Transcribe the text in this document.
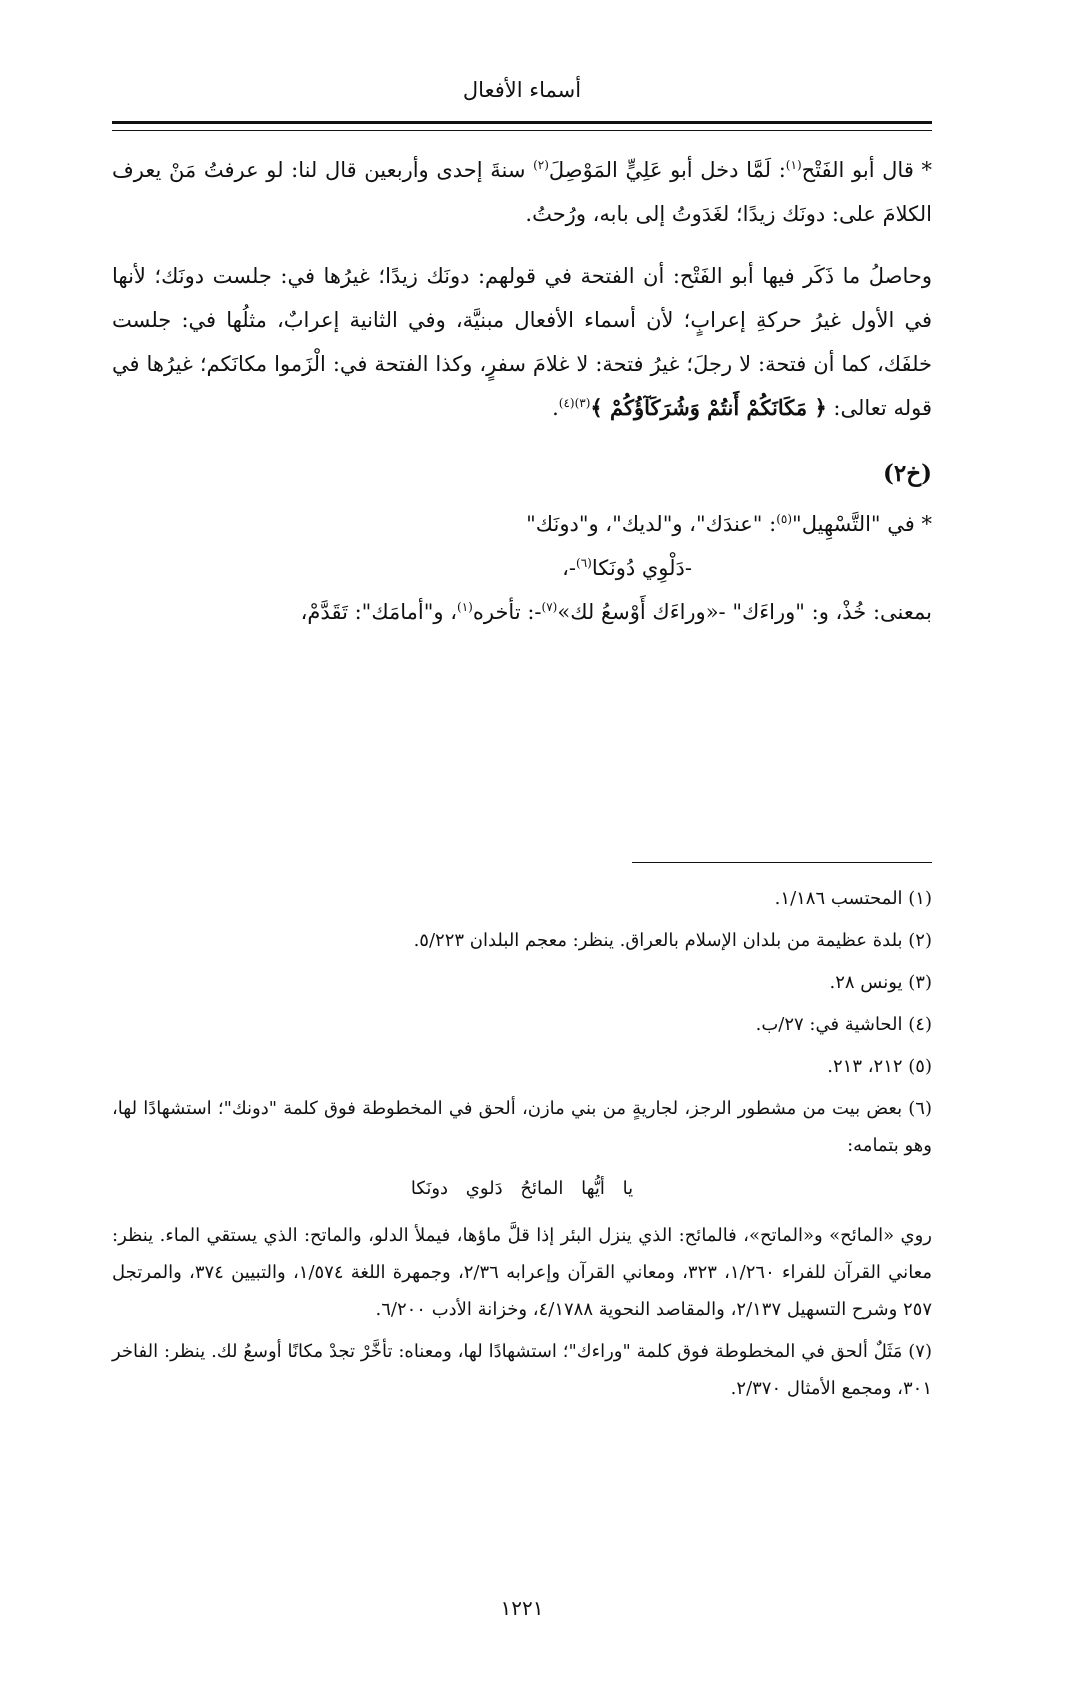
أسماء الأفعال

* قال أبو الفَتْح$^{(١)}$: لَمَّا دخل أبو عَلِيٍّ المَوْصِلَ$^{(٢)}$ سنةَ إحدى وأربعين قال لنا: لو عرفتُ مَنْ يعرف الكلامَ على: دونَك زيدًا؛ لغَدَوتُ إلى بابه، ورُحتُ.

وحاصلُ ما ذَكَر فيها أبو الفَتْح: أن الفتحة في قولهم: دونَك زيدًا؛ غيرُها في: جلست دونَك؛ لأنها في الأول غيرُ حركةِ إعرابٍ؛ لأن أسماء الأفعال مبنيَّة، وفي الثانية إعرابٌ، مثلُها في: جلست خلفَك، كما أن فتحة: لا رجلَ؛ غيرُ فتحة: لا غلامَ سفرٍ، وكذا الفتحة في: الْزَموا مكانَكم؛ غيرُها في قوله تعالى: ﴿ مَكَانَكُمْ أَنتُمْ وَشُرَكَآؤُكُمْ ﴾$^{(٣)(٤)}$.

(خ٢)

* في "التَّسْهِيل"$^{(٥)}$: "عندَك"، و"لديك"، و"دونَك"

-دَلْوِي دُونَكا$^{(٦)}$-،

بمعنى: خُذْ، و: "وراءَك" -«وراءَك أَوْسعُ لك»$^{(٧)}$-: تأخره$^{(١)}$، و"أمامَك": تَقَدَّمْ،

(١) المحتسب ١/١٨٦.

(٢) بلدة عظيمة من بلدان الإسلام بالعراق. ينظر: معجم البلدان ٥/٢٢٣.

(٣) يونس ٢٨.

(٤) الحاشية في: ٢٧/ب.

(٥) ٢١٢، ٢١٣.

(٦) بعض بيت من مشطور الرجز، لجاريةٍ من بني مازن، ألحق في المخطوطة فوق كلمة "دونك"؛ استشهادًا لها، وهو بتمامه:

يا أيُّها المائحُ دَلوي دونَكا

روي «المائح» و«الماتح»، فالمائح: الذي ينزل البئر إذا قلَّ ماؤها، فيملأ الدلو، والماتح: الذي يستقي الماء. ينظر: معاني القرآن للفراء ١/٢٦٠، ٣٢٣، ومعاني القرآن وإعرابه ٢/٣٦، وجمهرة اللغة ١/٥٧٤، والتبيين ٣٧٤، والمرتجل ٢٥٧ وشرح التسهيل ٢/١٣٧، والمقاصد النحوية ٤/١٧٨٨، وخزانة الأدب ٦/٢٠٠.

(٧) مَثَلٌ ألحق في المخطوطة فوق كلمة "وراءك"؛ استشهادًا لها، ومعناه: تأخَّرْ تجدْ مكانًا أوسعُ لك. ينظر: الفاخر ٣٠١، ومجمع الأمثال ٢/٣٧٠.

١٢٢١
